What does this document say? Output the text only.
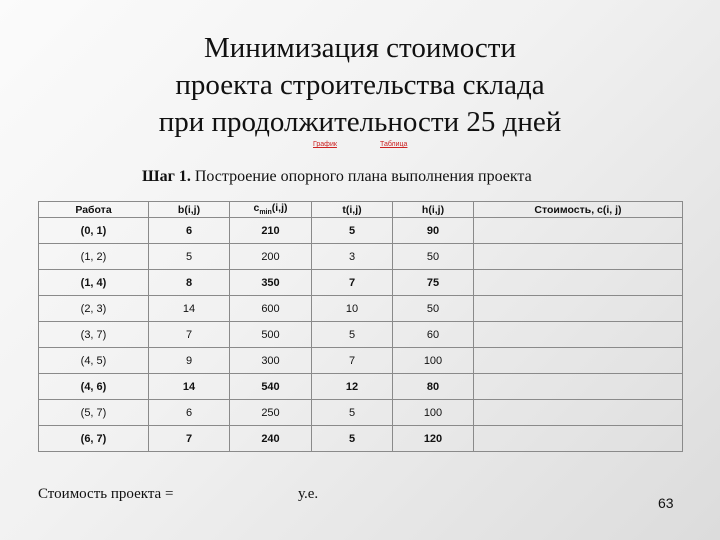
Минимизация стоимости
проекта строительства склада
при продолжительности 25 дней
График	Таблица
Шаг 1. Построение опорного плана выполнения проекта
Работа	b(i,j)	$c_{min}(i,j)$	t(i,j)	h(i,j)	Стоимость, c(i, j)
(0, 1)	6	210	5	90	
(1, 2)	5	200	3	50	
(1, 4)	8	350	7	75	
(2, 3)	14	600	10	50	
(3, 7)	7	500	5	60	
(4, 5)	9	300	7	100	
(4, 6)	14	540	12	80	
(5, 7)	6	250	5	100	
(6, 7)	7	240	5	120	
Стоимость проекта =	у.е.
63
